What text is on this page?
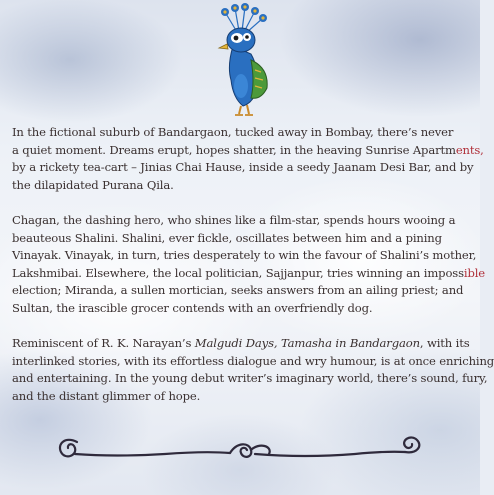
In the fictional suburb of Bandargaon, tucked away in Bombay, there’s never
a quiet moment. Dreams erupt, hopes shatter, in the heaving Sunrise Apartments,
by a rickety tea-cart – Jinias Chai Hause, inside a seedy Jaanam Desi Bar, and by
the dilapidated Purana Qila.

Chagan, the dashing hero, who shines like a film-star, spends hours wooing a
beauteous Shalini. Shalini, ever fickle, oscillates between him and a pining
Vinayak. Vinayak, in turn, tries desperately to win the favour of Shalini’s mother,
Lakshmibai. Elsewhere, the local politician, Sajjanpur, tries winning an impossible
election; Miranda, a sullen mortician, seeks answers from an ailing priest; and
Sultan, the irascible grocer contends with an overfriendly dog.

Reminiscent of R. K. Narayan’s Malgudi Days, Tamasha in Bandargaon, with its
interlinked stories, with its effortless dialogue and wry humour, is at once enriching
and entertaining. In the young debut writer’s imaginary world, there’s sound, fury,
and the distant glimmer of hope.
